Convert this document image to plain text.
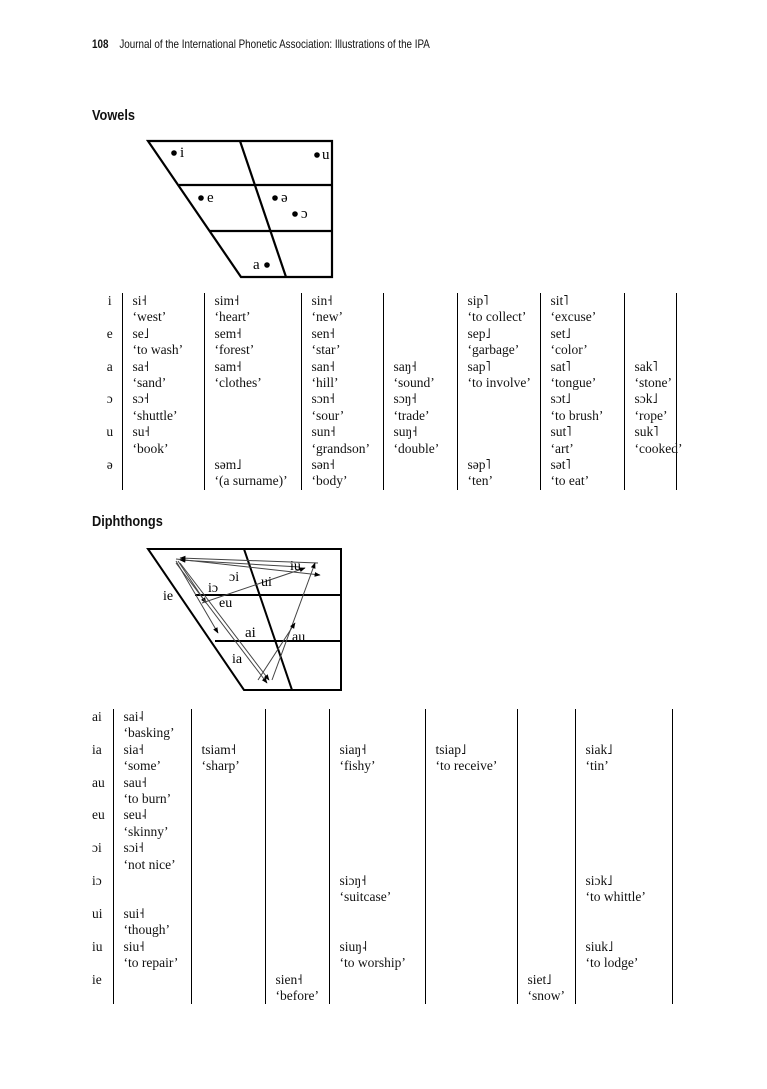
108 Journal of the International Phonetic Association: Illustrations of the IPA
Vowels
i	u
e	ə
ɔ
a
i	si˧	sim˧	sin˧		sip˥	sit˥		
	‘west’	‘heart’	‘new’		‘to collect’	‘excuse’		
e	se˩	sem˧	sen˧		sep˩	set˩		
	‘to wash’	‘forest’	‘star’		‘garbage’	‘color’		
a	sa˧	sam˧	san˧	saŋ˧	sap˥	sat˥	sak˥	
	‘sand’	‘clothes’	‘hill’	‘sound’	‘to involve’	‘tongue’	‘stone’	
ɔ	sɔ˧		sɔn˧	sɔŋ˧		sɔt˩	sɔk˩	
	‘shuttle’		‘sour’	‘trade’		‘to brush’	‘rope’	
u	su˧		sun˧	suŋ˧		sut˥	suk˥	
	‘book’		‘grandson’	‘double’		‘art’	‘cooked’	
ə		səm˩	sən˧		səp˥	sət˥		
		‘(a surname)’	‘body’		‘ten’	‘to eat’		
Diphthongs
iu
ɔi ui
iɔ
ie	eu
ai	au
ia
ai	sai˨							
	‘basking’							
ia	sia˧	tsiam˧		siaŋ˧	tsiap˩		siak˩	
	‘some’	‘sharp’		‘fishy’	‘to receive’		‘tin’	
au	sau˧							
	‘to burn’							
eu	seu˨							
	‘skinny’							
ɔi	sɔi˧							
	‘not nice’							
iɔ				siɔŋ˧			siɔk˩	
				‘suitcase’			‘to whittle’	
ui	sui˧							
	‘though’							
iu	siu˧			siuŋ˨			siuk˩	
	‘to repair’			‘to worship’			‘to lodge’	
ie			sien˧			siet˩		
			‘before’			‘snow’		
